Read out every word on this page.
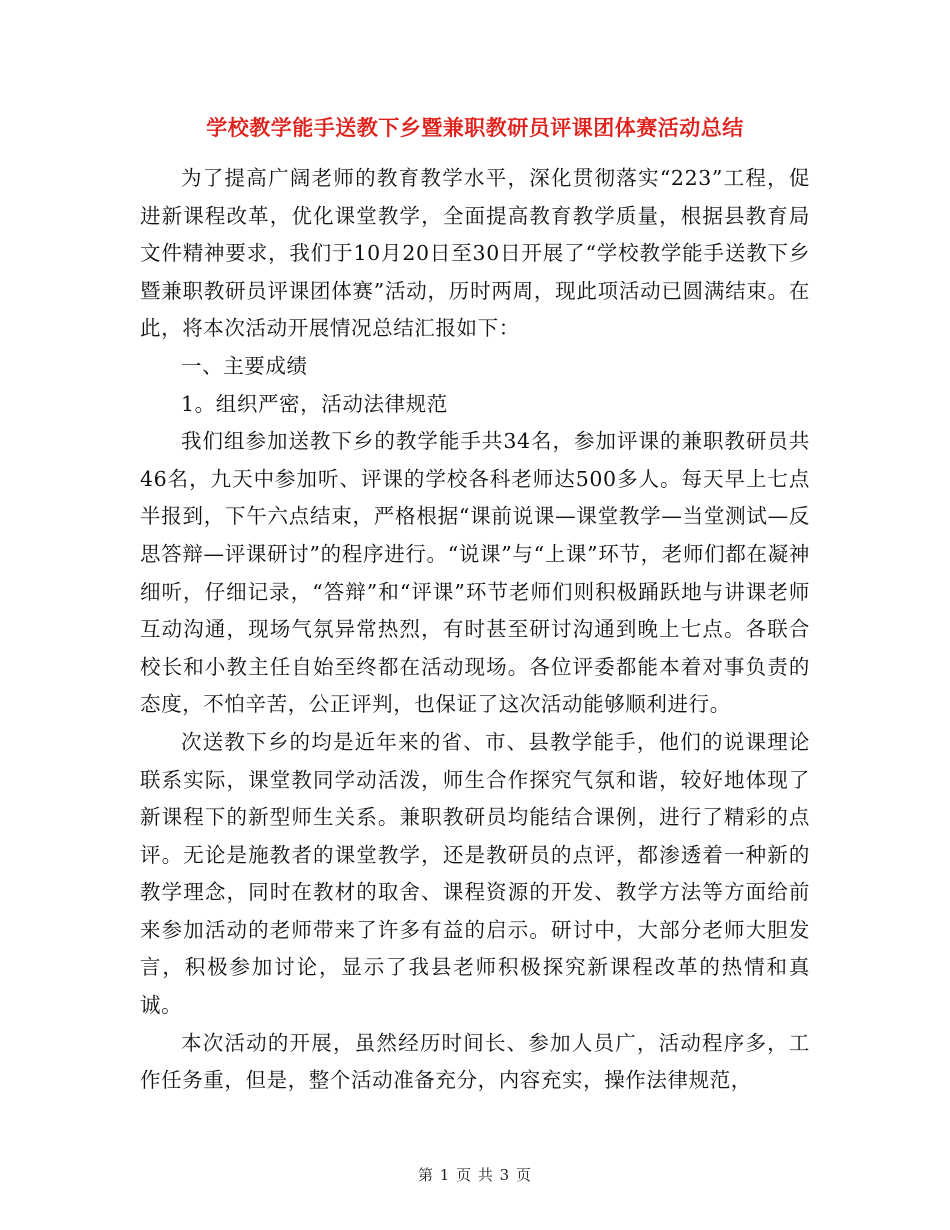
学校教学能手送教下乡暨兼职教研员评课团体赛活动总结

为了提高广阔老师的教育教学水平，深化贯彻落实“223”工程，促进新课程改革，优化课堂教学，全面提高教育教学质量，根据县教育局文件精神要求，我们于10月20日至30日开展了“学校教学能手送教下乡暨兼职教研员评课团体赛”活动，历时两周，现此项活动已圆满结束。在此，将本次活动开展情况总结汇报如下：

一、主要成绩

1。组织严密，活动法律规范

我们组参加送教下乡的教学能手共34名，参加评课的兼职教研员共46名，九天中参加听、评课的学校各科老师达500多人。每天早上七点半报到，下午六点结束，严格根据“课前说课—课堂教学—当堂测试—反思答辩—评课研讨”的程序进行。“说课”与“上课”环节，老师们都在凝神细听，仔细记录，“答辩”和“评课”环节老师们则积极踊跃地与讲课老师互动沟通，现场气氛异常热烈，有时甚至研讨沟通到晚上七点。各联合校长和小教主任自始至终都在活动现场。各位评委都能本着对事负责的态度，不怕辛苦，公正评判，也保证了这次活动能够顺利进行。

次送教下乡的均是近年来的省、市、县教学能手，他们的说课理论联系实际，课堂教同学动活泼，师生合作探究气氛和谐，较好地体现了新课程下的新型师生关系。兼职教研员均能结合课例，进行了精彩的点评。无论是施教者的课堂教学，还是教研员的点评，都渗透着一种新的教学理念，同时在教材的取舍、课程资源的开发、教学方法等方面给前来参加活动的老师带来了许多有益的启示。研讨中，大部分老师大胆发言，积极参加讨论，显示了我县老师积极探究新课程改革的热情和真诚。

本次活动的开展，虽然经历时间长、参加人员广，活动程序多，工作任务重，但是，整个活动准备充分，内容充实，操作法律规范，

第 1 页 共 3 页
